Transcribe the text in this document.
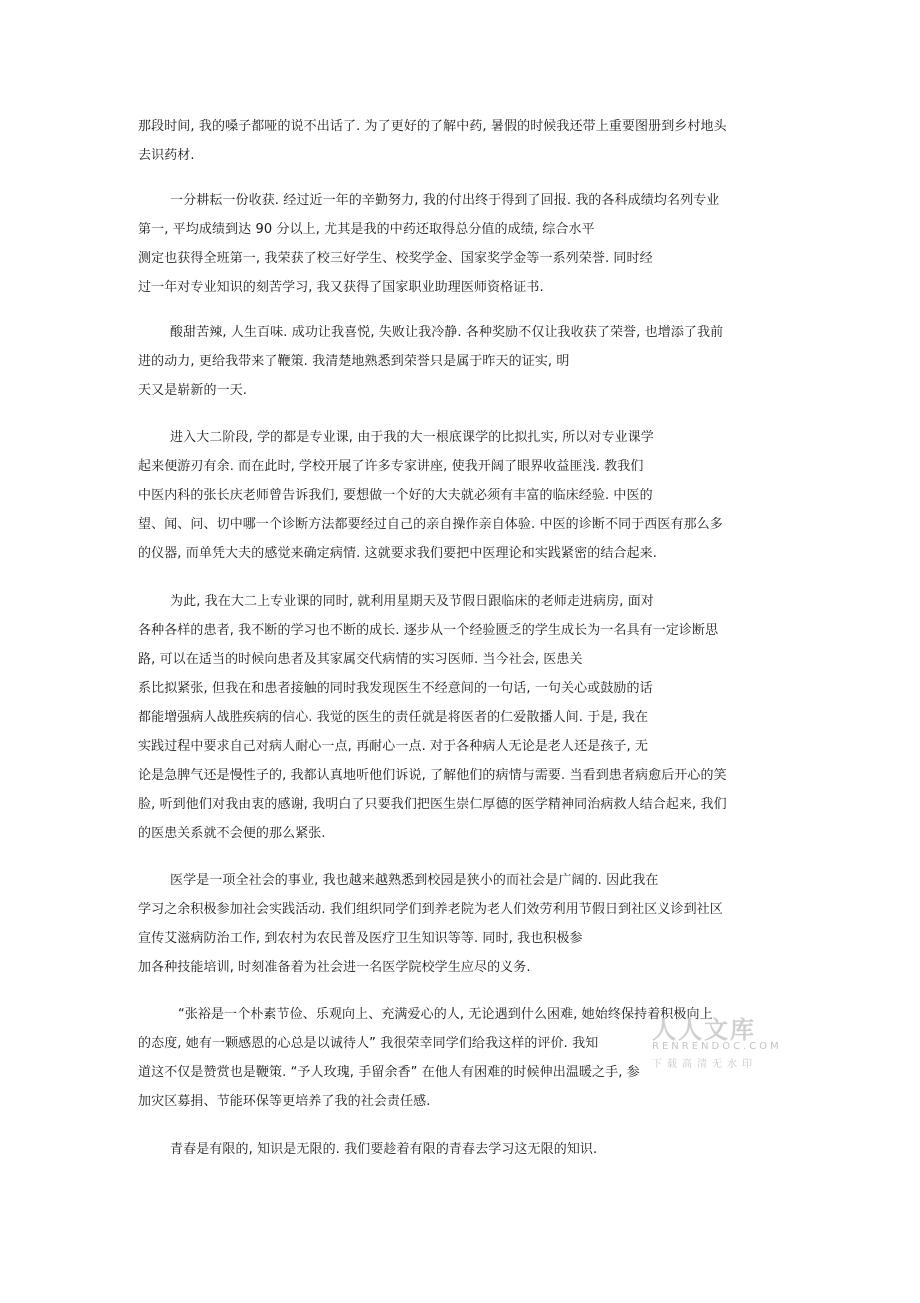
那段时间, 我的嗓子都哑的说不出话了. 为了更好的了解中药, 暑假的时候我还带上重要图册到乡村地头
去识药材.
一分耕耘一份收获. 经过近一年的辛勤努力, 我的付出终于得到了回报. 我的各科成绩均名列专业
第一, 平均成绩到达 90 分以上, 尤其是我的中药还取得总分值的成绩, 综合水平
测定也获得全班第一, 我荣获了校三好学生、校奖学金、国家奖学金等一系列荣誉. 同时经
过一年对专业知识的刻苦学习, 我又获得了国家职业助理医师资格证书.
酸甜苦辣, 人生百味. 成功让我喜悦, 失败让我冷静. 各种奖励不仅让我收获了荣誉, 也增添了我前
进的动力, 更给我带来了鞭策. 我清楚地熟悉到荣誉只是属于昨天的证实, 明
天又是崭新的一天.
进入大二阶段, 学的都是专业课, 由于我的大一根底课学的比拟扎实, 所以对专业课学
起来便游刃有余. 而在此时, 学校开展了许多专家讲座, 使我开阔了眼界收益匪浅. 教我们
中医内科的张长庆老师曾告诉我们, 要想做一个好的大夫就必须有丰富的临床经验. 中医的
望、闻、问、切中哪一个诊断方法都要经过自己的亲自操作亲自体验. 中医的诊断不同于西医有那么多
的仪器, 而单凭大夫的感觉来确定病情. 这就要求我们要把中医理论和实践紧密的结合起来.
为此, 我在大二上专业课的同时, 就利用星期天及节假日跟临床的老师走进病房, 面对
各种各样的患者, 我不断的学习也不断的成长. 逐步从一个经验匮乏的学生成长为一名具有一定诊断思
路, 可以在适当的时候向患者及其家属交代病情的实习医师. 当今社会, 医患关
系比拟紧张, 但我在和患者接触的同时我发现医生不经意间的一句话, 一句关心或鼓励的话
都能增强病人战胜疾病的信心. 我觉的医生的责任就是将医者的仁爱散播人间. 于是, 我在
实践过程中要求自己对病人耐心一点, 再耐心一点. 对于各种病人无论是老人还是孩子, 无
论是急脾气还是慢性子的, 我都认真地听他们诉说, 了解他们的病情与需要. 当看到患者病愈后开心的笑
脸, 听到他们对我由衷的感谢, 我明白了只要我们把医生崇仁厚德的医学精神同治病救人结合起来, 我们
的医患关系就不会便的那么紧张.
医学是一项全社会的事业, 我也越来越熟悉到校园是狭小的而社会是广阔的. 因此我在
学习之余积极参加社会实践活动. 我们组织同学们到养老院为老人们效劳利用节假日到社区义诊到社区
宣传艾滋病防治工作, 到农村为农民普及医疗卫生知识等等. 同时, 我也积极参
加各种技能培训, 时刻准备着为社会进一名医学院校学生应尽的义务.
“张裕是一个朴素节俭、乐观向上、充满爱心的人, 无论遇到什么困难, 她始终保持着积极向上
的态度, 她有一颗感恩的心总是以诚待人” 我很荣幸同学们给我这样的评价. 我知
道这不仅是赞赏也是鞭策. “予人玫瑰, 手留余香” 在他人有困难的时候伸出温暖之手, 参
加灾区募捐、节能环保等更培养了我的社会责任感.
青春是有限的, 知识是无限的. 我们要趁着有限的青春去学习这无限的知识.
人人文库
RENRENDOC.COM
下载高清无水印
